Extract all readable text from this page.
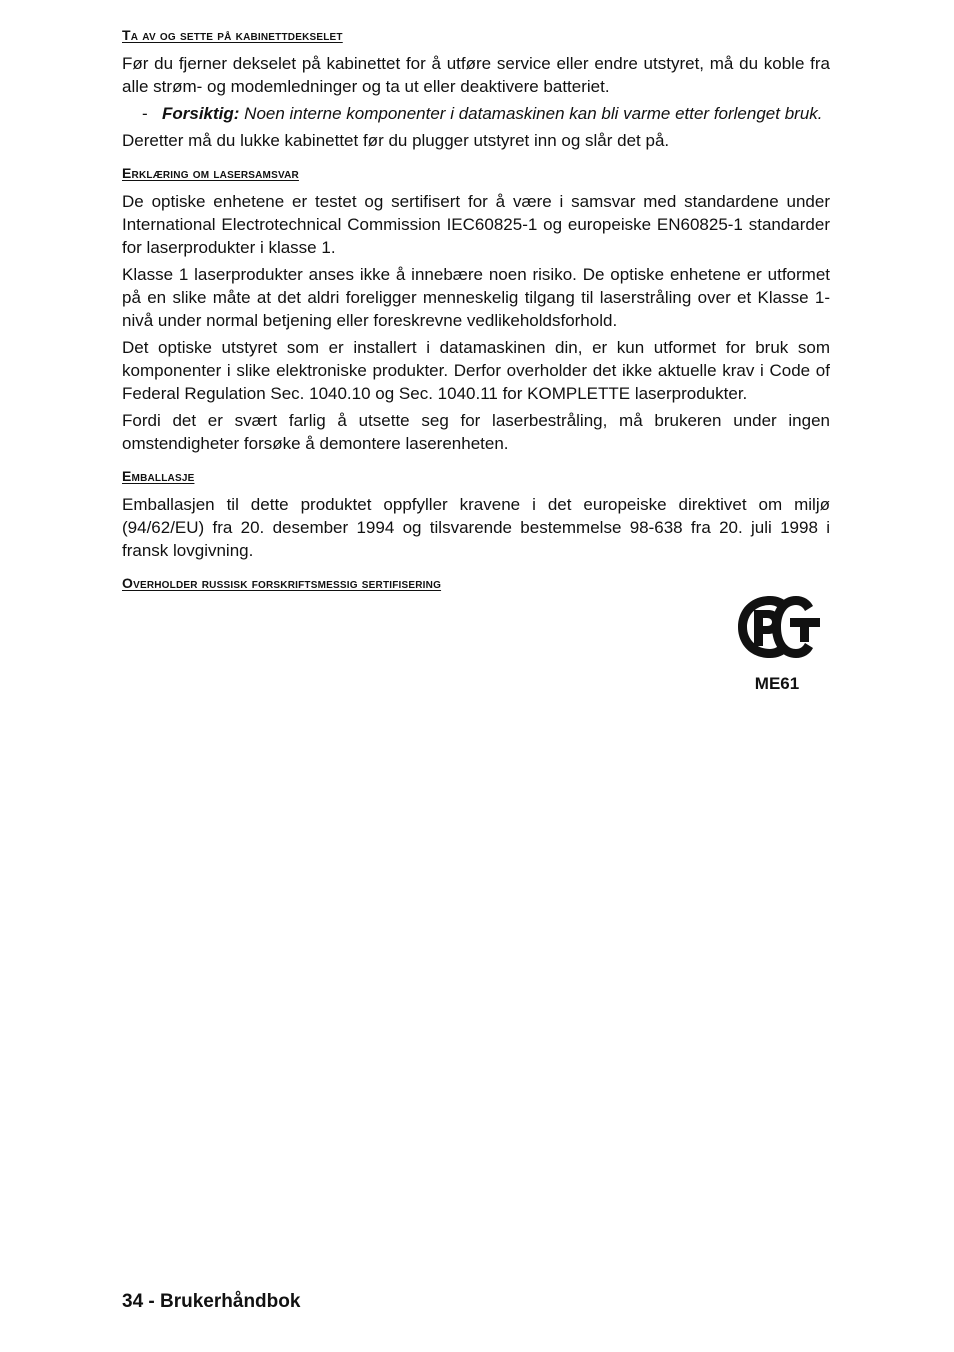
Ta av og sette på kabinettdekselet

Før du fjerner dekselet på kabinettet for å utføre service eller endre utstyret, må du koble fra alle strøm- og modemledninger og ta ut eller deaktivere batteriet.

- Forsiktig: Noen interne komponenter i datamaskinen kan bli varme etter forlenget bruk.

Deretter må du lukke kabinettet før du plugger utstyret inn og slår det på.

Erklæring om lasersamsvar

De optiske enhetene er testet og sertifisert for å være i samsvar med standardene under International Electrotechnical Commission IEC60825-1 og europeiske EN60825-1 standarder for laserprodukter i klasse 1.

Klasse 1 laserprodukter anses ikke å innebære noen risiko. De optiske enhetene er utformet på en slike måte at det aldri foreligger menneskelig tilgang til laserstråling over et Klasse 1-nivå under normal betjening eller foreskrevne vedlikeholdsforhold.

Det optiske utstyret som er installert i datamaskinen din, er kun utformet for bruk som komponenter i slike elektroniske produkter. Derfor overholder det ikke aktuelle krav i Code of Federal Regulation Sec. 1040.10 og Sec. 1040.11 for KOMPLETTE laserprodukter.

Fordi det er svært farlig å utsette seg for laserbestråling, må brukeren under ingen omstendigheter forsøke å demontere laserenheten.

Emballasje

Emballasjen til dette produktet oppfyller kravene i det europeiske direktivet om miljø (94/62/EU) fra 20. desember 1994 og tilsvarende bestemmelse 98-638 fra 20. juli 1998 i fransk lovgivning.

Overholder russisk forskriftsmessig sertifisering
ME61
34 - Brukerhåndbok
